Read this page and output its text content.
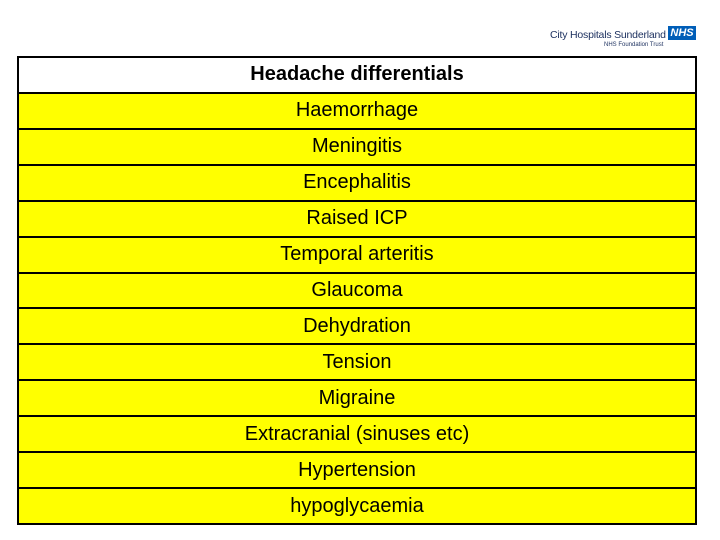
City Hospitals Sunderland NHS
NHS Foundation Trust
Headache differentials
Haemorrhage
Meningitis
Encephalitis
Raised ICP
Temporal arteritis
Glaucoma
Dehydration
Tension
Migraine
Extracranial (sinuses etc)
Hypertension
hypoglycaemia
